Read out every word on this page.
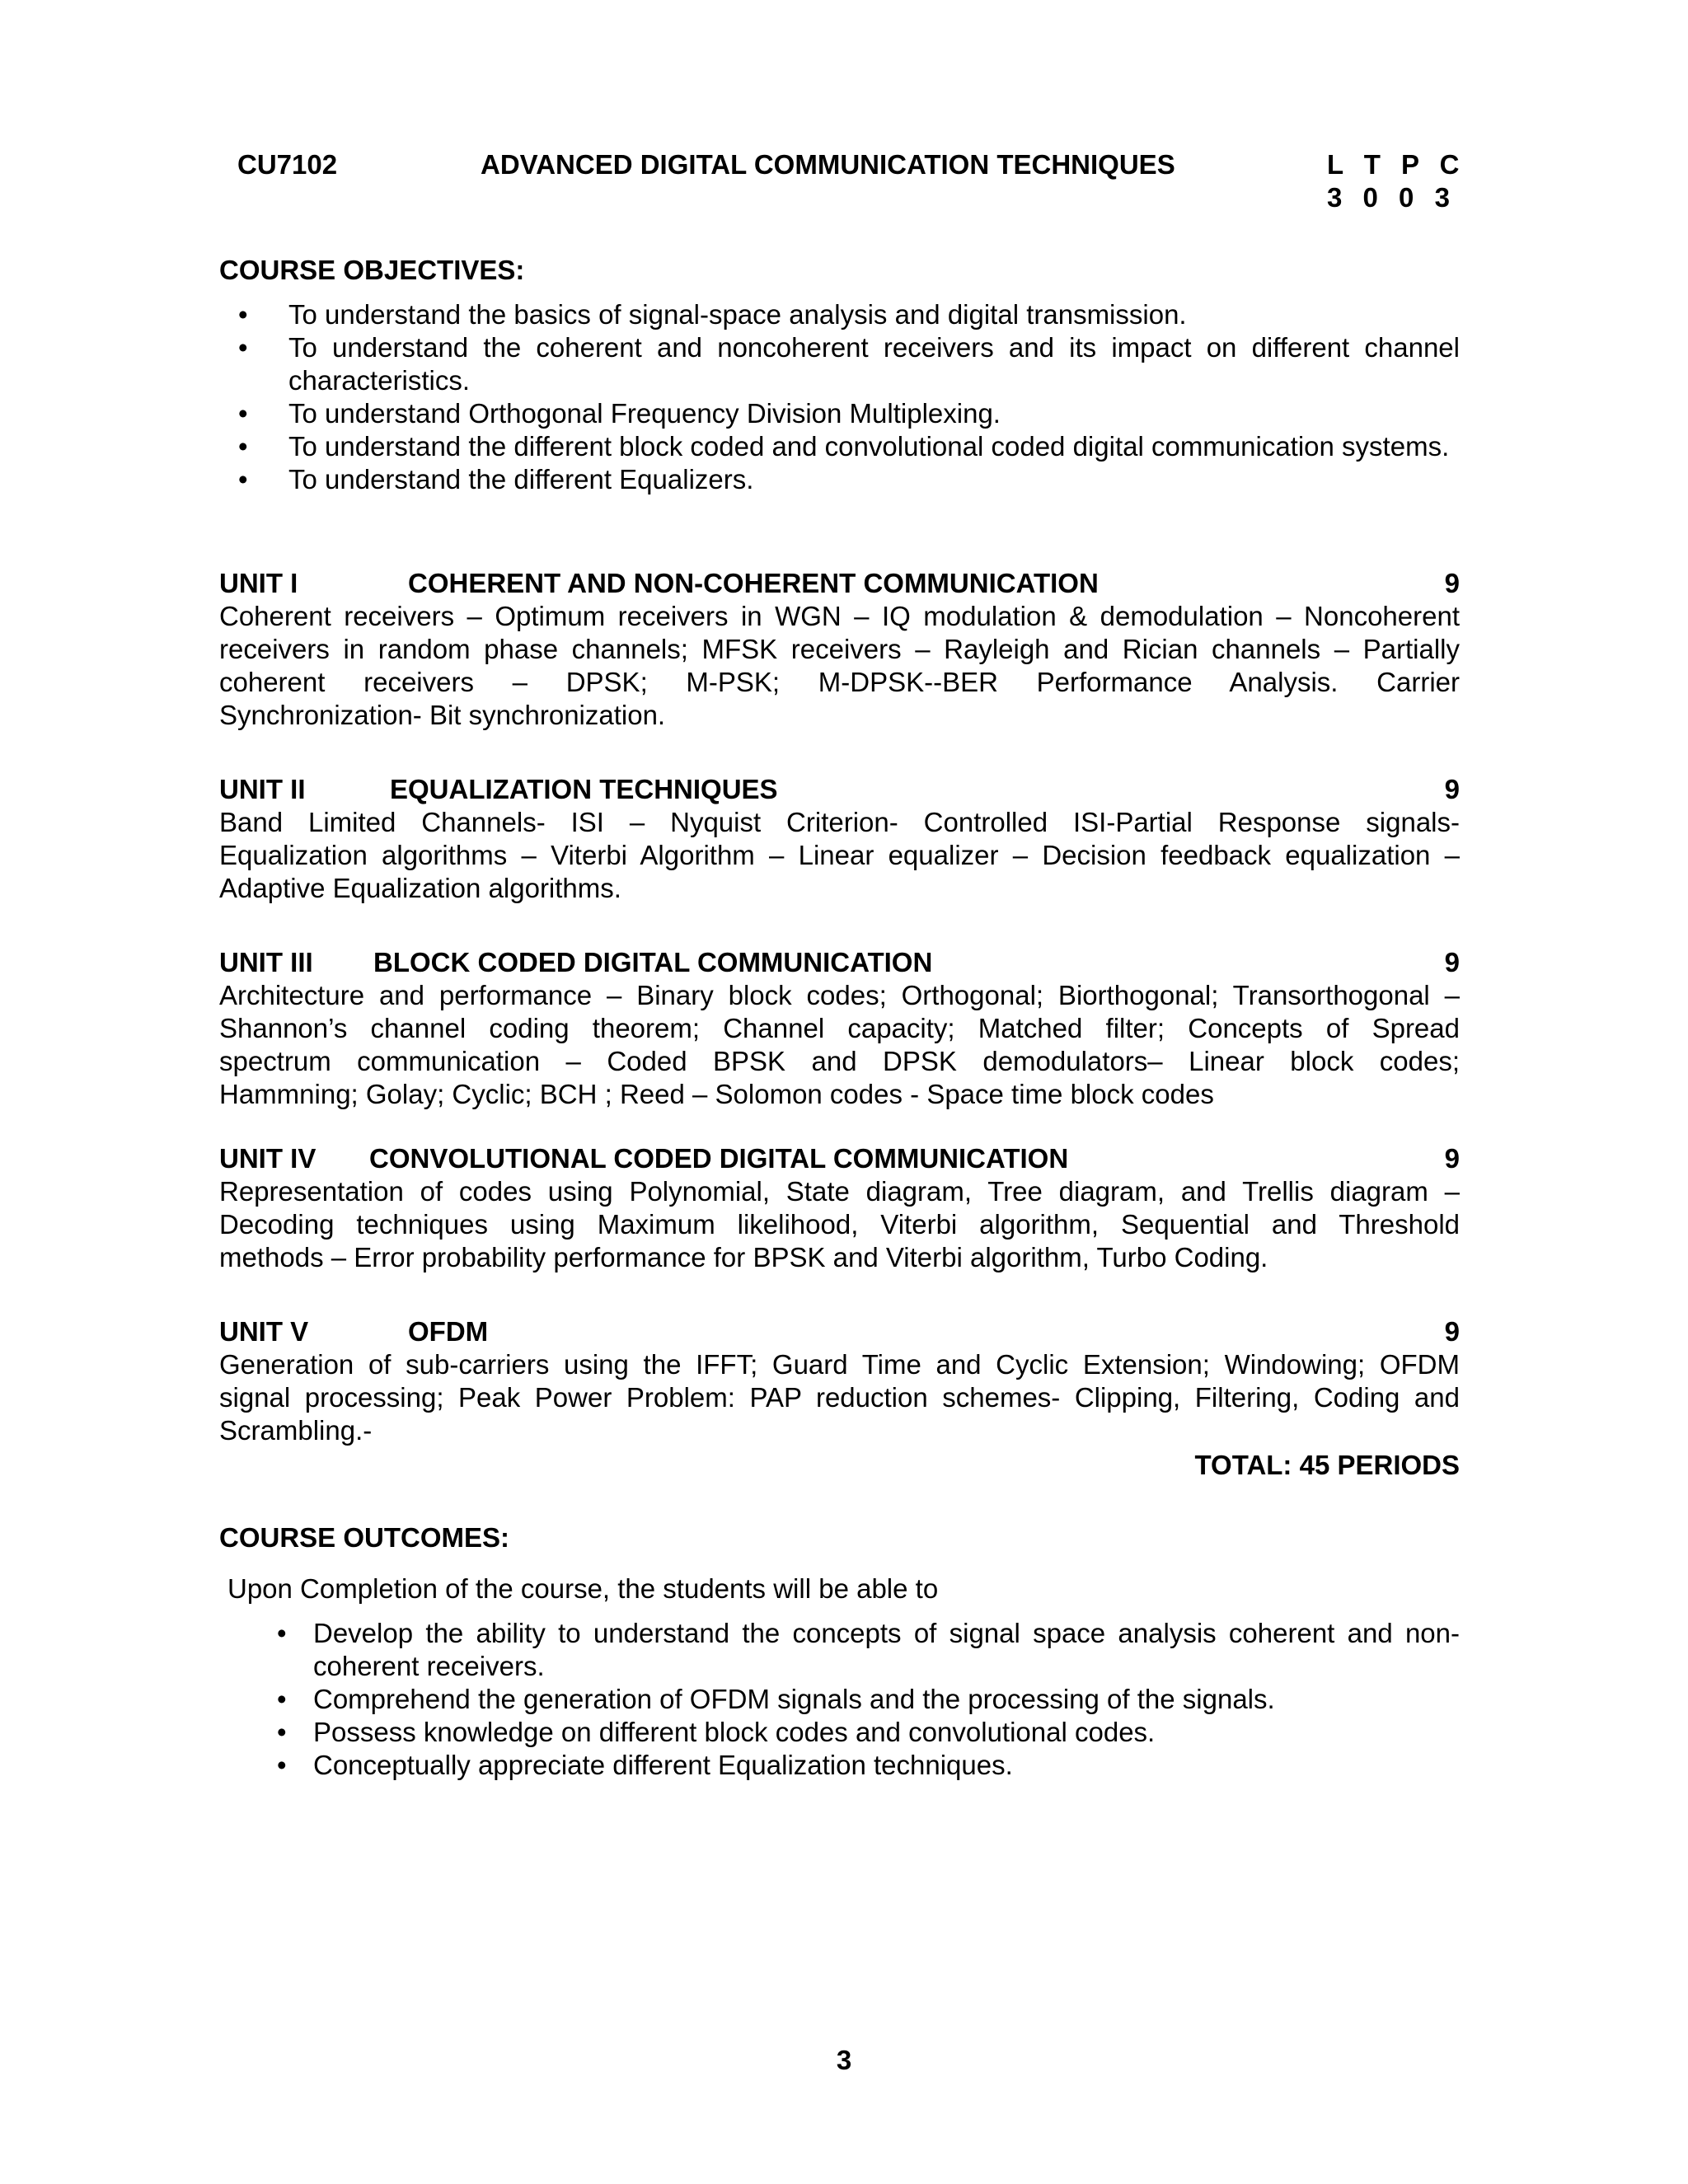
CU7102	ADVANCED DIGITAL COMMUNICATION TECHNIQUES	L T P C
3 0 0 3
COURSE OBJECTIVES:
• To understand the basics of signal-space analysis and digital transmission.
• To understand the coherent and noncoherent receivers and its impact on different channel characteristics.
• To understand Orthogonal Frequency Division Multiplexing.
• To understand the different block coded and convolutional coded digital communication systems.
• To understand the different Equalizers.
UNIT I	COHERENT AND NON-COHERENT COMMUNICATION	9
Coherent receivers – Optimum receivers in WGN – IQ modulation & demodulation – Noncoherent
receivers in random phase channels; MFSK receivers – Rayleigh and Rician channels – Partially
coherent receivers – DPSK; M-PSK; M-DPSK--BER Performance Analysis. Carrier
Synchronization- Bit synchronization.
UNIT II	EQUALIZATION TECHNIQUES	9
Band Limited Channels- ISI – Nyquist Criterion- Controlled ISI-Partial Response signals-
Equalization algorithms – Viterbi Algorithm – Linear equalizer – Decision feedback equalization –
Adaptive Equalization algorithms.
UNIT III BLOCK CODED DIGITAL COMMUNICATION	9
Architecture and performance – Binary block codes; Orthogonal; Biorthogonal; Transorthogonal –
Shannon’s channel coding theorem; Channel capacity; Matched filter; Concepts of Spread
spectrum communication – Coded BPSK and DPSK demodulators– Linear block codes;
Hammning; Golay; Cyclic; BCH ; Reed – Solomon codes - Space time block codes
UNIT IV CONVOLUTIONAL CODED DIGITAL COMMUNICATION	9
Representation of codes using Polynomial, State diagram, Tree diagram, and Trellis diagram –
Decoding techniques using Maximum likelihood, Viterbi algorithm, Sequential and Threshold
methods – Error probability performance for BPSK and Viterbi algorithm, Turbo Coding.
UNIT V	OFDM	9
Generation of sub-carriers using the IFFT; Guard Time and Cyclic Extension; Windowing; OFDM
signal processing; Peak Power Problem: PAP reduction schemes- Clipping, Filtering, Coding and
Scrambling.-
TOTAL: 45 PERIODS
COURSE OUTCOMES:
Upon Completion of the course, the students will be able to
• Develop the ability to understand the concepts of signal space analysis coherent and non-coherent receivers.
• Comprehend the generation of OFDM signals and the processing of the signals.
• Possess knowledge on different block codes and convolutional codes.
• Conceptually appreciate different Equalization techniques.
3
